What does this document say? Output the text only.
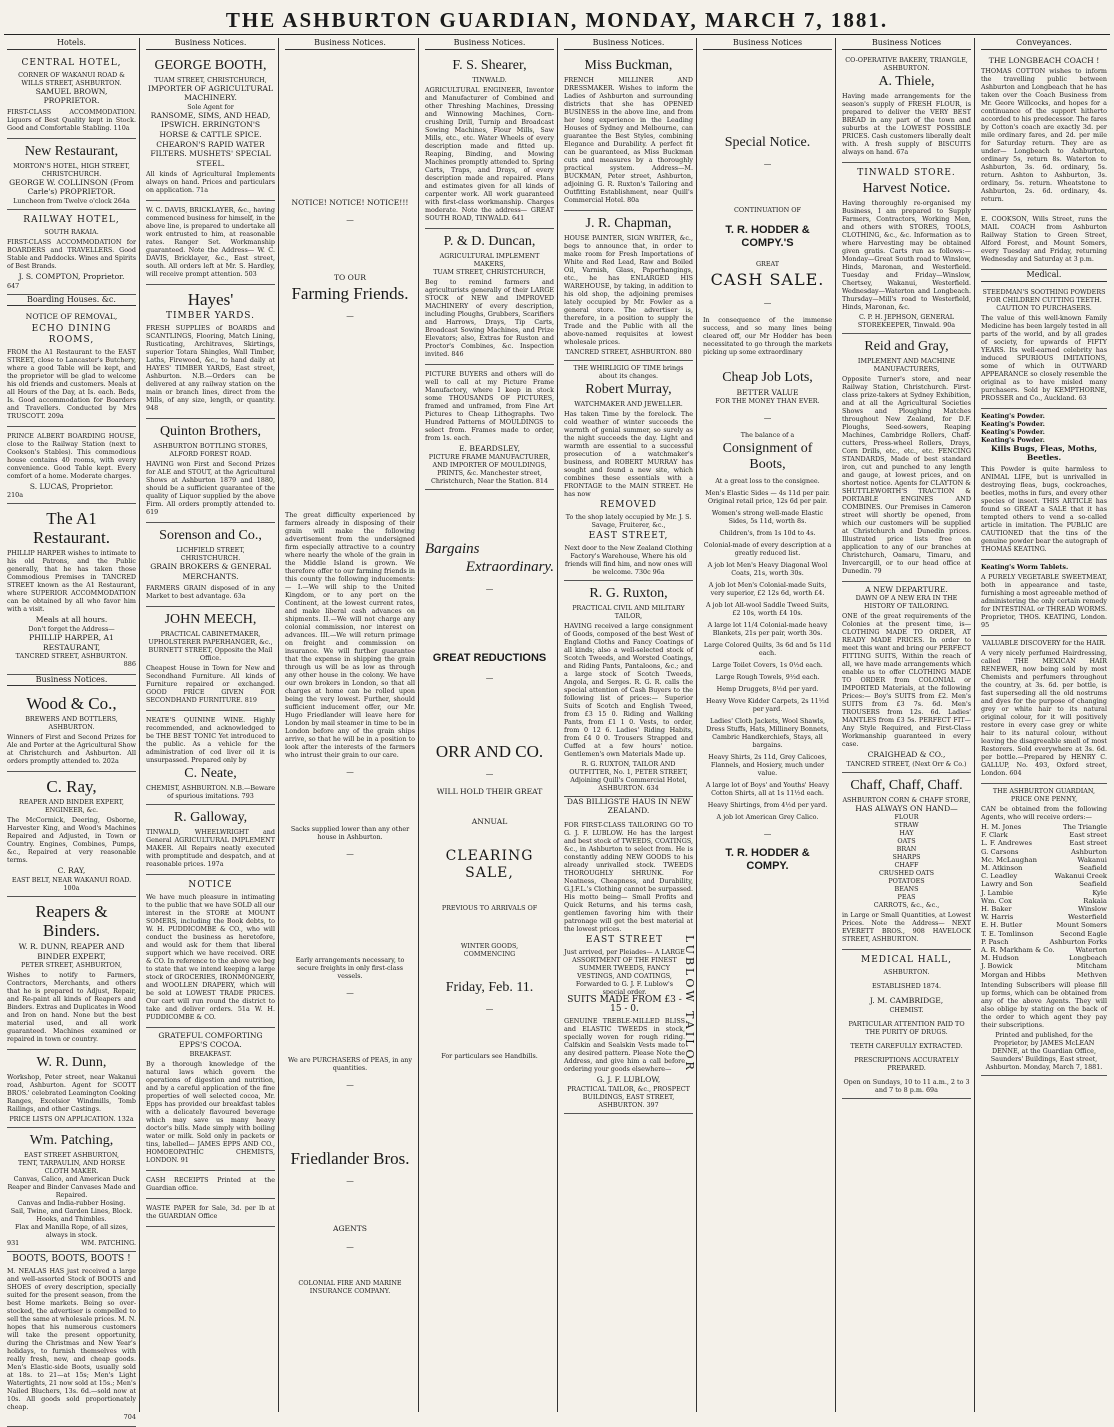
THE ASHBURTON GUARDIAN, MONDAY, MARCH 7, 1881.
Hotels.
CENTRAL HOTEL,
CORNER OF WAKANUI ROAD & WILLS STREET, ASHBURTON.
SAMUEL BROWN, PROPRIETOR.
FIRST-CLASS ACCOMMODATION. Liquors of Best Quality kept in Stock. Good and Comfortable Stabling. 110a
New Restaurant,
MORTON'S HOTEL, HIGH STREET, CHRISTCHURCH.
GEORGE W. COLLINSON (From Carle's) PROPRIETOR.
Luncheon from Twelve o'clock 264a
RAILWAY HOTEL,
SOUTH RAKAIA.
FIRST-CLASS ACCOMMODATION for BOARDERS and TRAVELLERS. Good Stable and Paddocks. Wines and Spirits of Best Brands.
J. S. COMPTON, Proprietor.
647
Boarding Houses. &c.
NOTICE OF REMOVAL,
ECHO DINING ROOMS,
FROM the A1 Restaurant to the EAST STREET, close to Lancaster's Butchery, where a good Table will be kept, and the proprietor will be glad to welcome his old friends and customers. Meals at all Hours of the Day, at Is. each. Beds, Is. Good accommodation for Boarders and Travellers. Conducted by Mrs TRUSCOTT. 209a
PRINCE ALBERT BOARDING HOUSE, close to the Railway Station (next to Cookson's Stables). This commodious house contains 40 rooms, with every convenience. Good Table kept. Every comfort of a home. Moderate charges.
S. LUCAS, Proprietor.
210a
The A1 Restaurant.
PHILLIP HARPER wishes to intimate to his old Patrons, and the Public generally, that he has taken those Commodious Premises in TANCRED STREET known as the A1 Restaurant, where SUPERIOR ACCOMMODATION can be obtained by all who favor him with a visit.
Meals at all hours.
Don't forget the Address—
PHILLIP HARPER, A1 RESTAURANT,
TANCRED STREET, ASHBURTON.
886
Business Notices.
Wood & Co.,
BREWERS AND BOTTLERS, ASHBURTON.
Winners of First and Second Prizes for Ale and Porter at the Agricultural Show at Christchurch and Ashburton. All orders promptly attended to. 202a
C. Ray,
REAPER AND BINDER EXPERT, ENGINEER, &c.
The McCormick, Deering, Osborne, Harvester King, and Wood's Machines Repaired and Adjusted, in Town or Country. Engines, Combines, Pumps, &c., Repaired at very reasonable terms.
C. RAY,
EAST BELT, NEAR WAKANUI ROAD. 100a
Reapers & Binders.
W. R. DUNN, REAPER AND BINDER EXPERT,
PETER STREET, ASHBURTON,
Wishes to notify to Farmers, Contractors, Merchants, and others that he is prepared to Adjust, Repair, and Re-paint all kinds of Reapers and Binders. Extras and Duplicates in Wood and Iron on hand. None but the best material used, and all work guaranteed. Machines examined or repaired in town or country.
W. R. Dunn,
Workshop, Peter street, near Wakanui road, Ashburton. Agent for SCOTT BROS.' celebrated Leamington Cooking Ranges, Excelsior Windmills, Tomb Railings, and other Castings.
PRICE LISTS ON APPLICATION. 132a
Wm. Patching,
EAST STREET ASHBURTON,
TENT, TARPAULIN, AND HORSE CLOTH MAKER.
Canvas, Calico, and American Duck
Reaper and Binder Canvases Made and Repaired.
Canvas and India-rubber Hosing.
Sail, Twine, and Garden Lines, Block. Hooks, and Thimbles.
Flax and Manilla Rope, of all sizes, always in stock.
931	WM. PATCHING.
BOOTS, BOOTS, BOOTS !
M. NEALAS HAS just received a large and well-assorted Stock of BOOTS and SHOES of every description, specially suited for the present season, from the best Home markets. Being so over-stocked, the advertiser is compelled to sell the same at wholesale prices. M. N. hopes that his numerous customers will take the present opportunity, during the Christmas and New Year's holidays, to furnish themselves with really fresh, new, and cheap goods. Men's Elastic-side Boots, usually sold at 18s. to 21—at 15s; Men's Light Watertights, 21 now sold at 15s.; Men's Nailed Bluchers, 13s. 6d.—sold now at 10s. All goods sold proportionately cheap.
704
Business Notices.
GEORGE BOOTH,
TUAM STREET, CHRISTCHURCH,
IMPORTER OF AGRICULTURAL MACHINERY.
Sole Agent for
RANSOME, SIMS, AND HEAD, IPSWICH. ERRINGTON'S HORSE & CATTLE SPICE. CHEARON'S RAPID WATER FILTERS. MUSHETS' SPECIAL STEEL.
All kinds of Agricultural Implements always on hand. Prices and particulars on application. 71a
W. C. DAVIS, BRICKLAYER, &c., having commenced business for himself, in the above line, is prepared to undertake all work entrusted to him, at reasonable rates. Ranger Set. Workmanship guaranteed. Note the Address— W. C. DAVIS, Bricklayer, &c., East street, south. All orders left at Mr. S. Hardley, will receive prompt attention. 503
Hayes'
TIMBER YARDS.
FRESH SUPPLIES of BOARDS and SCANTLINGS, Flooring, Match Lining, Rusticating, Architraves, Skirtings, superior Totara Shingles, Wall Timber, Laths, Firewood, &c., to hand daily at HAYES' TIMBER YARDS, East street, Ashburton. N.B.—Orders can be delivered at any railway station on the main or branch lines, direct from the Mills, of any size, length, or quantity. 948
Quinton Brothers,
ASHBURTON BOTTLING STORES,
ALFORD FOREST ROAD.
HAVING won First and Second Prizes for ALE and STOUT, at the Agricultural Shows at Ashburton 1879 and 1880, should be a sufficient guarantee of the quality of Liquor supplied by the above Firm. All orders promptly attended to. 619
Sorenson and Co.,
LICHFIELD STREET, CHRISTCHURCH.
GRAIN BROKERS & GENERAL MERCHANTS.
FARMERS GRAIN disposed of in any Market to best advantage. 63a
JOHN MEECH,
PRACTICAL CABINETMAKER, UPHOLSTERER PAPERHANGER, &c., BURNETT STREET, Opposite the Mail Office.
Cheapest House in Town for New and Secondhand Furniture. All kinds of Furniture repaired or exchanged. GOOD PRICE GIVEN FOR SECONDHAND FURNITURE. 819
NEATE'S QUININE WINE. Highly recommended, and acknowledged to be THE BEST TONIC Yet introduced to the public. As a vehicle for the administration of cod liver oil it is unsurpassed. Prepared only by
C. Neate,
CHEMIST, ASHBURTON. N.B.—Beware of spurious imitations. 793
R. Galloway,
TINWALD, WHEELWRIGHT and General AGRICULTURAL IMPLEMENT MAKER. All Repairs neatly executed with promptitude and despatch, and at reasonable prices. 197a
NOTICE
We have much pleasure in intimating to the public that we have SOLD all our interest in the STORE at MOUNT SOMERS, including the Book debts, to W. H. PUDDICOMBE & CO., who will conduct the business as heretofore, and would ask for them that liberal support which we have received. ORE & CO. In reference to the above we beg to state that we intend keeping a large stock of GROCERIES, IRONMONGERY, and WOOLLEN DRAPERY, which will be sold at LOWEST TRADE PRICES. Our cart will run round the district to take and deliver orders. 51a W. H. PUDDICOMBE & CO.
GRATEFUL COMFORTING EPPS'S COCOA.
BREAKFAST.
By a thorough knowledge of the natural laws which govern the operations of digestion and nutrition, and by a careful application of the fine properties of well selected cocoa, Mr. Epps has provided our breakfast tables with a delicately flavoured beverage which may save us many heavy doctor's bills. Made simply with boiling water or milk. Sold only in packets or tins, labelled— JAMES EPPS AND CO., HOMOEOPATHIC CHEMISTS, LONDON. 91
CASH RECEIPTS Printed at the Guardian office.
WASTE PAPER for Sale, 3d. per lb at the GUARDIAN Office
Business Notices.
NOTICE! NOTICE! NOTICE!!!
—
TO OUR
Farming Friends.
—
The great difficulty experienced by farmers already in disposing of their grain will make the following advertisement from the undersigned firm especially attractive to a country where nearly the whole of the grain in the Middle Island is grown. We therefore offer to our farming friends in this county the following inducements:— I.—We will ship to the United Kingdom, or to any port on the Continent, at the lowest current rates, and make liberal cash advances on shipments. II.—We will not charge any colonial commission, nor interest on advances. III.—We will return primage on freight and commission on insurance. We will further guarantee that the expense in shipping the grain through us will be as low as through any other house in the colony. We have our own brokers in London, so that all charges at home can be rolled upon being the very lowest. Further, should sufficient inducement offer, our Mr. Hugo Friedlander will leave here for London by mail steamer in time to be in London before any of the grain ships arrive, so that he will be in a position to look after the interests of the farmers who intrust their grain to our care.
—
Sacks supplied lower than any other house in Ashburton.
—
Early arrangements necessary, to secure freights in only first-class vessels.
—
We are PURCHASERS of PEAS, in any quantities.
—
Friedlander Bros.
—
AGENTS
—
COLONIAL FIRE AND MARINE INSURANCE COMPANY.
Business Notices.
F. S. Shearer,
TINWALD.
AGRICULTURAL ENGINEER, Inventor and Manufacturer of Combined and other Threshing Machines, Dressing and Winnowing Machines, Corn-crushing Drill, Turnip and Broadcast Sowing Machines, Flour Mills, Saw Mills, etc., etc. Water Wheels of every description made and fitted up. Reaping, Binding, and Mowing Machines promptly attended to. Spring Carts, Traps, and Drays, of every description made and repaired. Plans and estimates given for all kinds of carpenter work. All work guaranteed with first-class workmanship. Charges moderate. Note the address— GREAT SOUTH ROAD, TINWALD. 641
P. & D. Duncan,
AGRICULTURAL IMPLEMENT MAKERS,
TUAM STREET, CHRISTCHURCH,
Beg to remind farmers and agriculturists generally of their LARGE STOCK of NEW and IMPROVED MACHINERY of every description, including Ploughs, Grubbers, Scarifiers and Harrows, Drays, Tip Carts, Broadcast Sowing Machines, and Prize Elevators; also, Extras for Ruston and Proctor's Combines, &c. Inspection invited. 846
PICTURE BUYERS and others will do well to call at my Picture Frame Manufactory, where I keep in stock some THOUSANDS OF PICTURES, framed and unframed, from Fine Art Pictures to Cheap Lithographs. Two Hundred Patterns of MOULDINGS to select from. Frames made to order, from 1s. each.
E. BEARDSLEY,
PICTURE FRAME MANUFACTURER, AND IMPORTER OF MOULDINGS, PRINTS, &c. Manchester street, Christchurch, Near the Station. 814
Bargains
Extraordinary.
—
GREAT REDUCTIONS
—
ORR AND CO.
—
WILL HOLD THEIR GREAT
ANNUAL
CLEARING SALE,
PREVIOUS TO ARRIVALS OF
WINTER GOODS,
COMMENCING
Friday, Feb. 11.
—
For particulars see Handbills.
Business Notices.
Miss Buckman,
FRENCH MILLINER AND DRESSMAKER. Wishes to inform the Ladies of Ashburton and surrounding districts that she has OPENED BUSINESS in the above line, and from her long experience in the Leading Houses of Sydney and Melbourne, can guarantee the Best Styles, combining Elegance and Durability. A perfect fit can be guaranteed, as Miss Buckman cuts and measures by a thoroughly practical system. Address—M. BUCKMAN, Peter street, Ashburton, adjoining G. R. Ruxton's Tailoring and Outfitting Establishment, near Quill's Commercial Hotel. 80a
J. R. Chapman,
HOUSE PAINTER, SIGN WRITER, &c., begs to announce that, in order to make room for Fresh Importations of White and Red Lead, Raw and Boiled Oil, Varnish, Glass, Paperhangings, etc., he has ENLARGED HIS WAREHOUSE, by taking, in addition to his old shop, the adjoining premises lately occupied by Mr. Fowler as a general store. The advertiser is, therefore, in a position to supply the Trade and the Public with all the above-named requisites at lowest wholesale prices.
TANCRED STREET, ASHBURTON. 880
THE WHIRLIGIG OF TIME brings about its changes.
Robert Murray,
WATCHMAKER AND JEWELLER.
Has taken Time by the forelock. The cold weather of winter succeeds the warmth of genial summer, so surely as the night succeeds the day. Light and warmth are essential to a successful prosecution of a watchmaker's business, and ROBERT MURRAY has sought and found a new site, which combines these essentials with a FRONTAGE to the MAIN STREET. He has now
REMOVED
To the shop lately occupied by Mr. J. S. Savage, Fruiterer, &c.,
EAST STREET,
Next door to the New Zealand Clothing Factory's Warehouse, Where his old friends will find him, and now ones will be welcome. 730c 96a
R. G. Ruxton,
PRACTICAL CIVIL AND MILITARY TAILOR,
HAVING received a large consignment of Goods, composed of the best West of England Cloths and Fancy Coatings of all kinds; also a well-selected stock of Scotch Tweeds, and Worsted Coatings, and Riding Pants, Pantaloons, &c.; and a large stock of Scotch Tweeds, Angola, and Serges. R. G. R. calls the special attention of Cash Buyers to the following list of prices:— Superior Suits of Scotch and English Tweed, from £3 15 0. Riding and Walking Pants, from £1 1 0. Vests, to order, from 0 12 6. Ladies' Riding Habits, from £4 0 0. Trousers Strapped and Cuffed at a few hours' notice. Gentlemen's own Materials Made up.
R. G. RUXTON, TAILOR AND OUTFITTER, No. 1, PETER STREET, Adjoining Quill's Commercial Hotel, ASHBURTON. 634
DAS BILLIGSTE HAUS IN NEW ZEALAND.
FOR FIRST-CLASS TAILORING GO TO G. J. F. LUBLOW. He has the largest and best stock of TWEEDS, COATINGS, &c., in Ashburton to select from. He is constantly adding NEW GOODS to his already unrivalled stock. TWEEDS THOROUGHLY SHRUNK. For Neatness, Cheapness, and Durability, G.J.F.L.'s Clothing cannot be surpassed. His motto being— Small Profits and Quick Returns, and his terms cash, gentlemen favoring him with their patronage will get the best material at the lowest prices.
LUBLOW TAILOR
EAST STREET
Just arrived, per Pleiades— A LARGE ASSORTMENT OF THE FINEST SUMMER TWEEDS, FANCY VESTINGS, AND COATINGS, Forwarded to G. J. F. Lublow's special order.
SUITS MADE FROM £3 - 15 - 0.
GENUINE TREBLE-MILLED BLISS and ELASTIC TWEEDS in stock, specially woven for rough riding. Calfskin and Sealskin Vests made to any desired pattern. Please Note the Address, and give him a call before ordering your goods elsewhere—
G. J. F. LUBLOW,
PRACTICAL TAILOR, &c., PROSPECT BUILDINGS, EAST STREET, ASHBURTON. 397
Business Notices
Special Notice.
—
CONTINUATION OF
T. R. HODDER & COMPY.'S
GREAT
CASH SALE.
—
In consequence of the immense success, and so many lines being cleared off, our Mr Hodder has been necessitated to go through the markets picking up some extraordinary
Cheap Job Lots,
BETTER VALUE
FOR THE MONEY THAN EVER.
—
The balance of a
Consignment of Boots,
At a great loss to the consignee.
Men's Elastic Sides — 4s 11d per pair. Original retail price, 12s 6d per pair.
Women's strong well-made Elastic Sides, 5s 11d, worth 8s.
Children's, from 1s 10d to 4s.
Colonial-made of every description at a greatly reduced list.
A job lot Men's Heavy Diagonal Wool Coats, 21s, worth 30s.
A job lot Men's Colonial-made Suits, very superior, £2 12s 6d, worth £4.
A job lot All-wool Saddle Tweed Suits, £2 10s, worth £4 10s.
A large lot 11/4 Colonial-made heavy Blankets, 21s per pair, worth 30s.
Large Colored Quilts, 3s 6d and 5s 11d each.
Large Toilet Covers, 1s 0½d each.
Large Rough Towels, 9½d each.
Hemp Druggets, 8½d per yard.
Heavy Wove Kidder Carpets, 2s 11½d per yard.
Ladies' Cloth Jackets, Wool Shawls, Dress Stuffs, Hats, Millinery Bonnets, Cambric Handkerchiefs, Stays, all bargains.
Heavy Shirts, 2s 11d, Grey Calicoes, Flannels, and Hosiery, much under value.
A large lot of Boys' and Youths' Heavy Cotton Shirts, all at 1s 11½d each.
Heavy Shirtings, from 4½d per yard.
A job lot American Grey Calico.
—
T. R. HODDER & COMPY.
Business Notices
CO-OPERATIVE BAKERY, TRIANGLE, ASHBURTON.
A. Thiele,
Having made arrangements for the season's supply of FRESH FLOUR, is prepared to deliver the VERY BEST BREAD in any part of the town and suburbs at the LOWEST POSSIBLE PRICES. Cash customers liberally dealt with. A fresh supply of BISCUITS always on hand. 67a
TINWALD STORE.
Harvest Notice.
Having thoroughly re-organised my Business, I am prepared to Supply Farmers, Contractors, Working Men, and others with STORES, TOOLS, CLOTHING, &c., &c. Information as to where Harvesting may be obtained given gratis. Carts run as follows:— Monday—Great South road to Winslow, Hinds, Maronan, and Westerfield. Tuesday and Friday—Winslow, Chertsey, Wakanui, Westerfield. Wednesday—Waterton and Longbeach. Thursday—Mill's road to Westerfield, Hinds, Maronan, &c.
C. P. H. JEPHSON, GENERAL STOREKEEPER, Tinwald. 90a
Reid and Gray,
IMPLEMENT AND MACHINE MANUFACTURERS,
Opposite Turner's store, and near Railway Station, Christchurch. First-class prize-takers at Sydney Exhibition, and at all the Agricultural Societies Shows and Ploughing Matches throughout New Zealand, for D.F. Ploughs, Seed-sowers, Reaping Machines, Cambridge Rollers, Chaff-cutters, Press-wheel Rollers, Drays, Corn Drills, etc., etc., etc. FENCING STANDARDS, Made of best standard iron, cut and punched to any length and gauge, at lowest prices, and on shortest notice. Agents for CLAYTON & SHUTTLEWORTH'S TRACTION & PORTABLE ENGINES AND COMBINES. Our Premises in Cameron street will shortly be opened, from which our customers will be supplied at Christchurch and Dunedin prices. Illustrated price lists free on application to any of our branches at Christchurch, Oamaru, Timaru, and Invercargill, or to our head office at Dunedin. 79
A NEW DEPARTURE.
DAWN OF A NEW ERA IN THE HISTORY OF TAILORING.
ONE of the great requirements of the Colonies at the present time, is— CLOTHING MADE TO ORDER, AT READY MADE PRICES. In order to meet this want and bring our PERFECT FITTING SUITS, Within the reach of all, we have made arrangements which enable us to offer CLOTHING MADE TO ORDER from COLONIAL or IMPORTED Materials, at the following Prices:— Boy's SUITS from £2. Men's SUITS from £3 7s. 6d. Men's TROUSERS from 12s. 6d. Ladies' MANTLES from £3 5s. PERFECT FIT—Any Style Required, and First-Class Workmanship guaranteed in every case.
CRAIGHEAD & CO.,
TANCRED STREET, (Next Orr & Co.)
Chaff, Chaff, Chaff.
ASHBURTON CORN & CHAFF STORE,
HAS ALWAYS ON HAND—
FLOUR
STRAW
HAY
OATS
BRAN
SHARPS
CHAFF
CRUSHED OATS
POTATOES
BEANS
PEAS
CARROTS, &c., &c.,
in Large or Small Quantities, at Lowest Prices. Note the Address— NEXT EVERETT BROS., 908 HAVELOCK STREET, ASHBURTON.
MEDICAL HALL,
ASHBURTON.
ESTABLISHED 1874.
J. M. CAMBRIDGE,
CHEMIST.
PARTICULAR ATTENTION PAID TO THE PURITY OF DRUGS.
TEETH CAREFULLY EXTRACTED.
PRESCRIPTIONS ACCURATELY PREPARED.
Open on Sundays, 10 to 11 a.m., 2 to 3 and 7 to 8 p.m. 69a
Conveyances.
THE LONGBEACH COACH !
THOMAS COTTON wishes to inform the travelling public between Ashburton and Longbeach that he has taken over the Coach Business from Mr. Geore Willcocks, and hopes for a continuance of the support hitherto accorded to his predecessor. The fares by Cotton's coach are exactly 3d. per mile ordinary fares, and 2d. per mile for Saturday return. They are as under— Longbeach to Ashburton, ordinary 5s, return 8s. Waterton to Ashburton, 3s. 6d. ordinary, 5s. return. Ashton to Ashburton, 3s. ordinary, 5s. return. Wheatstone to Ashburton, 2s. 6d. ordinary, 4s. return.
E. COOKSON, Wills Street, runs the MAIL COACH from Ashburton Railway Station to Green Street, Alford Forest, and Mount Somers, every Tuesday and Friday, returning Wednesday and Saturday at 3 p.m.
Medical.
STEEDMAN'S SOOTHING POWDERS
FOR CHILDREN CUTTING TEETH.
CAUTION TO PURCHASERS.
The value of this well-known Family Medicine has been largely tested in all parts of the world, and by all grades of society, for upwards of FIFTY YEARS. Its well-earned celebrity has induced SPURIOUS IMITATIONS, some of which in OUTWARD APPEARANCE so closely resemble the original as to have misled many purchasers. Sold by KEMPTHORNE, PROSSER and Co., Auckland. 63
Keating's Powder.
Keating's Powder.
Keating's Powder.
Keating's Powder.
Kills Bugs, Fleas, Moths, Beetles.
This Powder is quite harmless to ANIMAL LIFE, but is unrivalled in destroying fleas, bugs, cockroaches, beetles, moths in furs, and every other species of insect. THIS ARTICLE has found so GREAT a SALE that it has tempted others to vend a so-called article in imitation. The PUBLIC are CAUTIONED that the tins of the genuine powder bear the autograph of THOMAS KEATING.
Keating's Worm Tablets.
A PURELY VEGETABLE SWEETMEAT, both in appearance and taste, furnishing a most agreeable method of administering the only certain remedy for INTESTINAL or THREAD WORMS. Proprietor, THOS. KEATING, London. 95
VALUABLE DISCOVERY for the HAIR.
A very nicely perfumed Hairdressing, called THE MEXICAN HAIR RENEWER, now being sold by most Chemists and perfumers throughout the country, at 3s. 6d. per bottle, is fast superseding all the old nostrums and dyes for the purpose of changing grey or white hair to its natural original colour, for it will positively restore in every case grey or white hair to its natural colour, without leaving the disagreeable smell of most Restorers. Sold everywhere at 3s. 6d. per bottle.—Prepared by HENRY C. GALLUP, No. 493, Oxford street, London. 604
THE ASHBURTON GUARDIAN,
PRICE ONE PENNY,
CAN be obtained from the following Agents, who will receive orders:—
H. M. Jones	The Triangle
F. Clark	East street
L. F. Andrewes	East street
G. Carsons	Ashburton
Mc. McLaughan	Wakanui
M. Atkinson	Seafield
C. Leadley	Wakanui Creek
Lawry and Son	Seafield
J. Lambie	Kyle
Wm. Cox	Rakaia
H. Baker	Winslow
W. Harris	Westerfield
E. H. Butler	Mount Somers
T. E. Tomlinson	Second Eagle
P. Pasch	Ashburton Forks
A. R. Markham & Co.	Waterton
M. Hudson	Longbeach
J. Bowick	Mitcham
Morgan and Hibbs	Methven
Intending Subscribers will please fill up forms, which can be obtained from any of the above Agents. They will also oblige by stating on the back of the order to which agent they pay their subscriptions.
Printed and published, for the Proprietor, by JAMES McLEAN DENNE, at the Guardian Office, Saunders' Buildings, East street, Ashburton. Monday, March 7, 1881.
